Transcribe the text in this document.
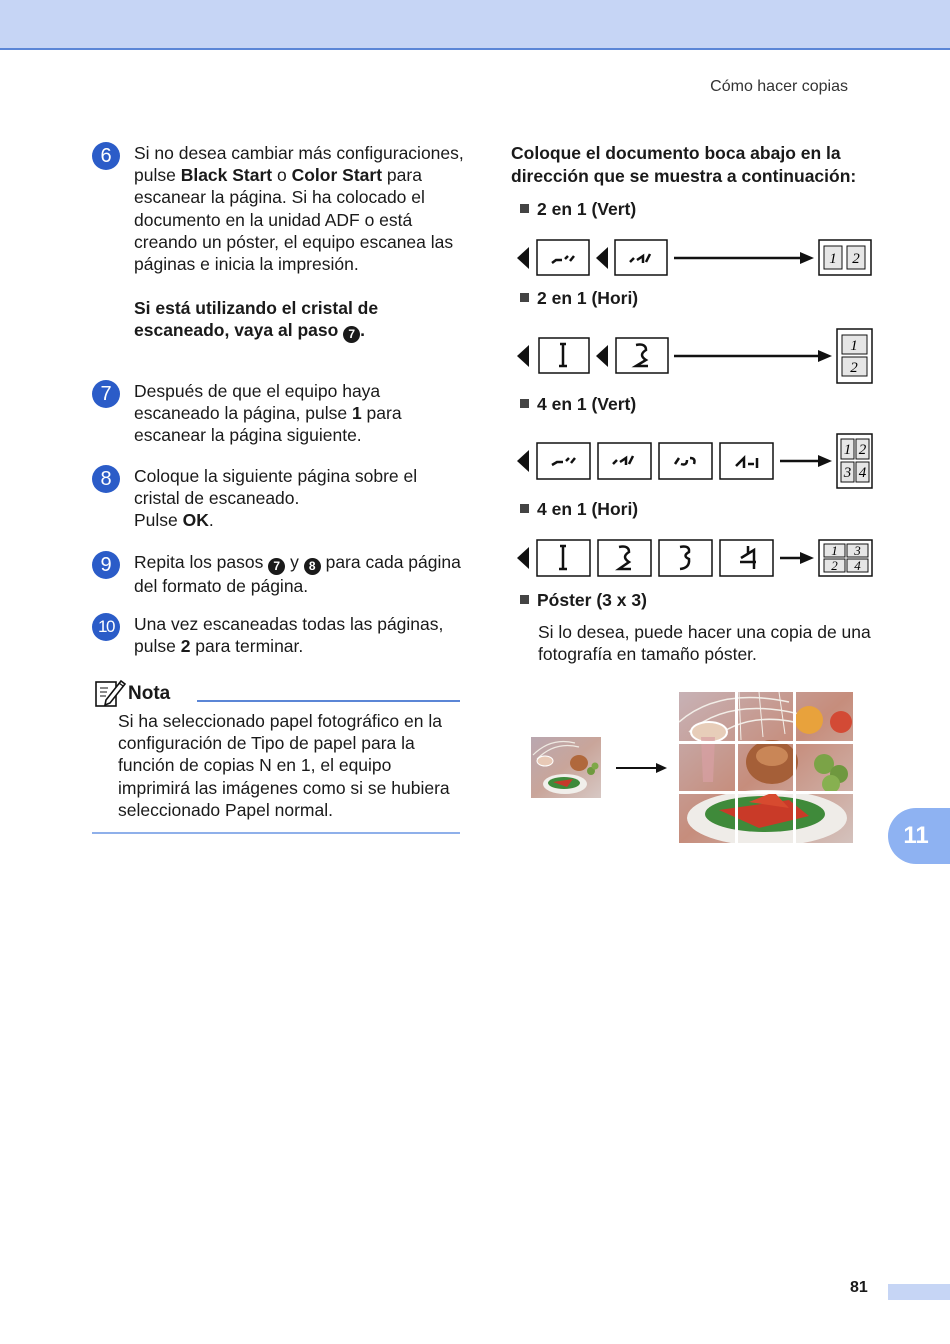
Cómo hacer copias
6	Si no desea cambiar más configuraciones, pulse Black Start o Color Start para escanear la página. Si ha colocado el documento en la unidad ADF o está creando un póster, el equipo escanea las páginas e inicia la impresión.
Si está utilizando el cristal de escaneado, vaya al paso 7 .
7	Después de que el equipo haya escaneado la página, pulse 1 para escanear la página siguiente.
8	Coloque la siguiente página sobre el cristal de escaneado.
Pulse OK.
9	Repita los pasos 7 y 8 para cada página del formato de página.
10	Una vez escaneadas todas las páginas, pulse 2 para terminar.
Nota
Si ha seleccionado papel fotográfico en la configuración de Tipo de papel para la función de copias N en 1, el equipo imprimirá las imágenes como si se hubiera seleccionado Papel normal.
Coloque el documento boca abajo en la dirección que se muestra a continuación:
2 en 1 (Vert)
2 en 1 (Hori)
4 en 1 (Vert)
4 en 1 (Hori)
Póster (3 x 3)
Si lo desea, puede hacer una copia de una fotografía en tamaño póster.
1 2
1
2
1 2
3 4
1 3
2 4
11
81
